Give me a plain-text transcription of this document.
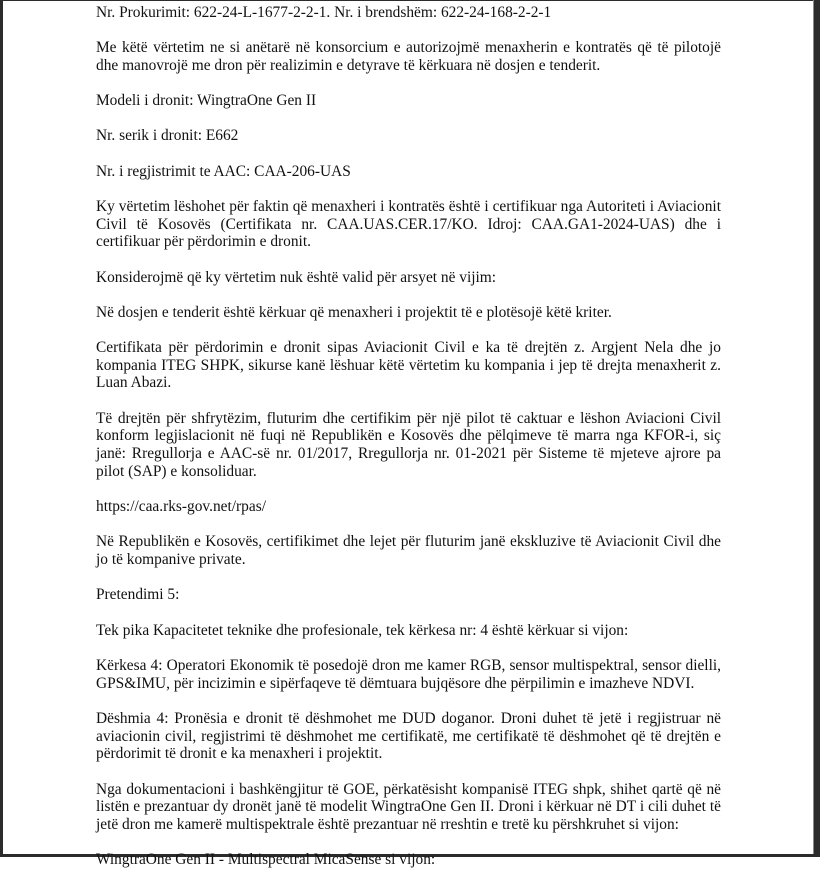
Nr. Prokurimit: 622-24-L-1677-2-2-1. Nr. i brendshëm: 622-24-168-2-2-1

Me këtë vërtetim ne si anëtarë në konsorcium e autorizojmë menaxherin e kontratës që të pilotojë dhe manovrojë me dron për realizimin e detyrave të kërkuara në dosjen e tenderit.

Modeli i dronit: WingtraOne Gen II

Nr. serik i dronit: E662

Nr. i regjistrimit te AAC: CAA-206-UAS

Ky vërtetim lëshohet për faktin që menaxheri i kontratës është i certifikuar nga Autoriteti i Aviacionit Civil të Kosovës (Certifikata nr. CAA.UAS.CER.17/KO. Idroj: CAA.GA1-2024-UAS) dhe i certifikuar për përdorimin e dronit.

Konsiderojmë që ky vërtetim nuk është valid për arsyet në vijim:

Në dosjen e tenderit është kërkuar që menaxheri i projektit të e plotësojë këtë kriter.

Certifikata për përdorimin e dronit sipas Aviacionit Civil e ka të drejtën z. Argjent Nela dhe jo kompania ITEG SHPK, sikurse kanë lëshuar këtë vërtetim ku kompania i jep të drejta menaxherit z. Luan Abazi.

Të drejtën për shfrytëzim, fluturim dhe certifikim për një pilot të caktuar e lëshon Aviacioni Civil konform legjislacionit në fuqi në Republikën e Kosovës dhe pëlqimeve të marra nga KFOR-i, siç janë: Rregullorja e AAC-së nr. 01/2017, Rregullorja nr. 01-2021 për Sisteme të mjeteve ajrore pa pilot (SAP) e konsoliduar.

https://caa.rks-gov.net/rpas/

Në Republikën e Kosovës, certifikimet dhe lejet për fluturim janë ekskluzive të Aviacionit Civil dhe jo të kompanive private.

Pretendimi 5:

Tek pika Kapacitetet teknike dhe profesionale, tek kërkesa nr: 4 është kërkuar si vijon:

Kërkesa 4: Operatori Ekonomik të posedojë dron me kamer RGB, sensor multispektral, sensor dielli, GPS&IMU, për incizimin e sipërfaqeve të dëmtuara bujqësore dhe përpilimin e imazheve NDVI.

Dëshmia 4: Pronësia e dronit të dëshmohet me DUD doganor. Droni duhet të jetë i regjistruar në aviacionin civil, regjistrimi të dëshmohet me certifikatë, me certifikatë të dëshmohet që të drejtën e përdorimit të dronit e ka menaxheri i projektit.

Nga dokumentacioni i bashkëngjitur të GOE, përkatësisht kompanisë ITEG shpk, shihet qartë që në listën e prezantuar dy dronët janë të modelit WingtraOne Gen II. Droni i kërkuar në DT i cili duhet të jetë dron me kamerë multispektrale është prezantuar në rreshtin e tretë ku përshkruhet si vijon:

WingtraOne Gen II - Multispectral MicaSense si vijon:
